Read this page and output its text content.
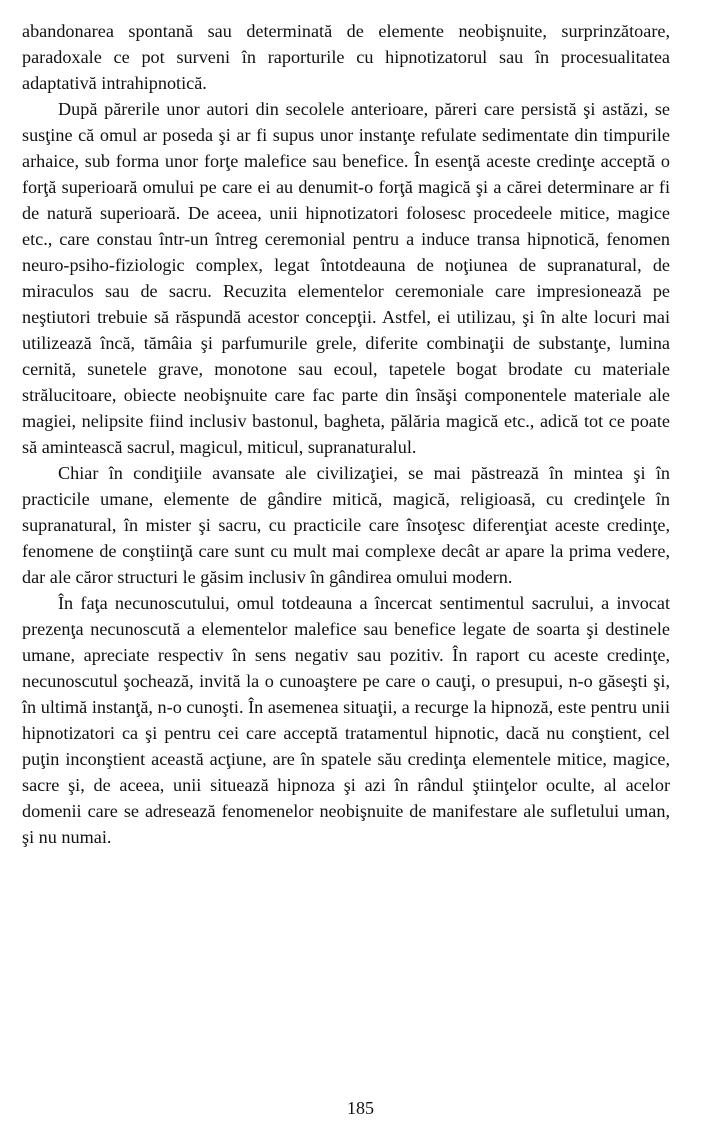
abandonarea spontană sau determinată de elemente neobişnuite, surprinzătoare, paradoxale ce pot surveni în raporturile cu hipnotizatorul sau în procesualitatea adaptativă intrahipnotică.

După părerile unor autori din secolele anterioare, păreri care persistă şi astăzi, se susţine că omul ar poseda şi ar fi supus unor instanţe refulate sedimentate din timpurile arhaice, sub forma unor forţe malefice sau benefice. În esenţă aceste credinţe acceptă o forţă superioară omului pe care ei au denumit-o forţă magică şi a cărei determinare ar fi de natură superioară. De aceea, unii hipnotizatori folosesc procedeele mitice, magice etc., care constau într-un întreg ceremonial pentru a induce transa hipnotică, fenomen neuro-psiho-fiziologic complex, legat întotdeauna de noţiunea de supranatural, de miraculos sau de sacru. Recuzita elementelor ceremoniale care impresionează pe neştiutori trebuie să răspundă acestor concepţii. Astfel, ei utilizau, şi în alte locuri mai utilizează încă, tămâia şi parfumurile grele, diferite combinaţii de substanţe, lumina cernită, sunetele grave, monotone sau ecoul, tapetele bogat brodate cu materiale strălucitoare, obiecte neobişnuite care fac parte din însăşi componentele materiale ale magiei, nelipsite fiind inclusiv bastonul, bagheta, pălăria magică etc., adică tot ce poate să amintească sacrul, magicul, miticul, supranaturalul.

Chiar în condiţiile avansate ale civilizaţiei, se mai păstrează în mintea şi în practicile umane, elemente de gândire mitică, magică, religioasă, cu credinţele în supranatural, în mister şi sacru, cu practicile care însoţesc diferenţiat aceste credinţe, fenomene de conştiinţă care sunt cu mult mai complexe decât ar apare la prima vedere, dar ale căror structuri le găsim inclusiv în gândirea omului modern.

În faţa necunoscutului, omul totdeauna a încercat sentimentul sacrului, a invocat prezenţa necunoscută a elementelor malefice sau benefice legate de soarta şi destinele umane, apreciate respectiv în sens negativ sau pozitiv. În raport cu aceste credinţe, necunoscutul şochează, invită la o cunoaştere pe care o cauţi, o presupui, n-o găseşti şi, în ultimă instanţă, n-o cunoşti. În asemenea situaţii, a recurge la hipnoză, este pentru unii hipnotizatori ca şi pentru cei care acceptă tratamentul hipnotic, dacă nu conştient, cel puţin inconştient această acţiune, are în spatele său credinţa elementele mitice, magice, sacre şi, de aceea, unii situează hipnoza şi azi în rândul ştiinţelor oculte, al acelor domenii care se adresează fenomenelor neobişnuite de manifestare ale sufletului uman, şi nu numai.

185
